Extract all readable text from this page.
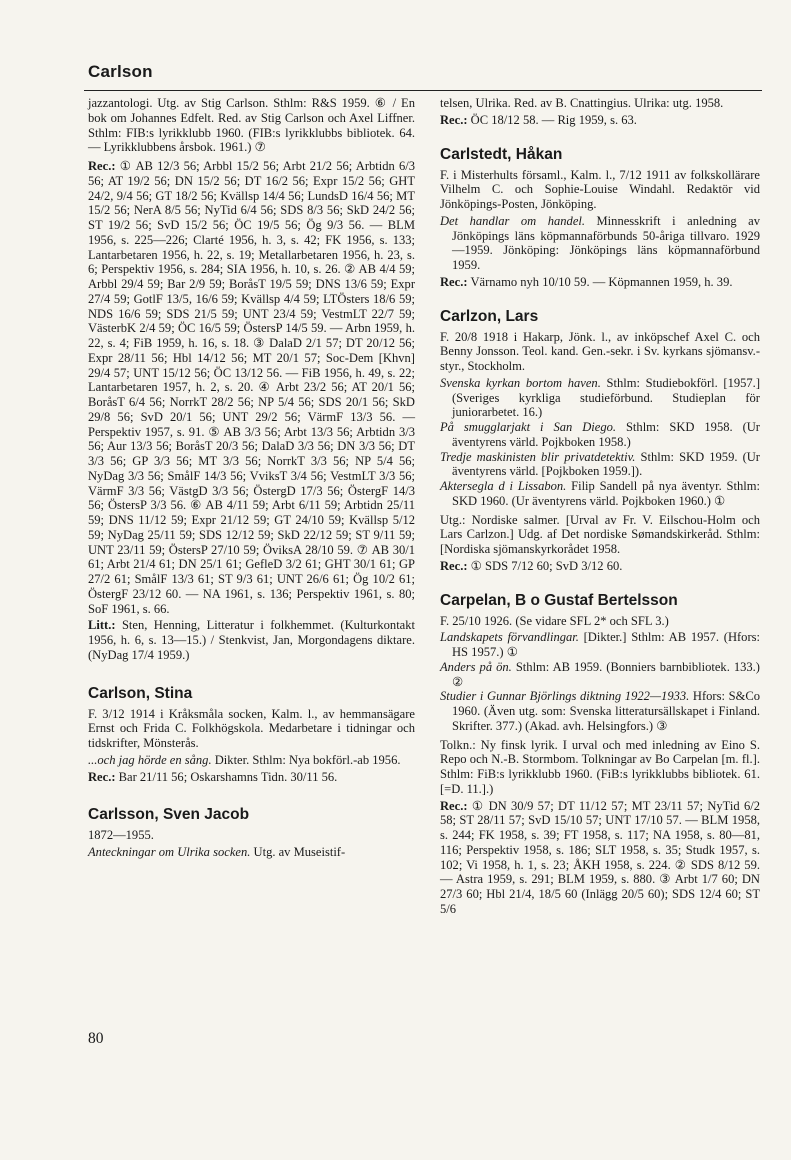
Carlson

jazzantologi. Utg. av Stig Carlson. Sthlm: R&S 1959. ⑥ / En bok om Johannes Edfelt. Red. av Stig Carlson och Axel Liffner. Sthlm: FIB:s lyrikklubb 1960. (FIB:s lyrikklubbs bibliotek. 64. — Lyrikklubbens årsbok. 1961.) ⑦

Rec.: ① AB 12/3 56; Arbbl 15/2 56; Arbt 21/2 56; Arbtidn 6/3 56; AT 19/2 56; DN 15/2 56; DT 16/2 56; Expr 15/2 56; GHT 24/2, 9/4 56; GT 18/2 56; Kvällsp 14/4 56; LundsD 16/4 56; MT 15/2 56; NerA 8/5 56; NyTid 6/4 56; SDS 8/3 56; SkD 24/2 56; ST 19/2 56; SvD 15/2 56; ÖC 19/5 56; Ög 9/3 56. — BLM 1956, s. 225—226; Clarté 1956, h. 3, s. 42; FK 1956, s. 133; Lantarbetaren 1956, h. 22, s. 19; Metallarbetaren 1956, h. 23, s. 6; Perspektiv 1956, s. 284; SIA 1956, h. 10, s. 26. ② AB 4/4 59; Arbbl 29/4 59; Bar 2/9 59; BoråsT 19/5 59; DNS 13/6 59; Expr 27/4 59; GotlF 13/5, 16/6 59; Kvällsp 4/4 59; LTÖsters 18/6 59; NDS 16/6 59; SDS 21/5 59; UNT 23/4 59; VestmLT 22/7 59; VästerbK 2/4 59; ÖC 16/5 59; ÖstersP 14/5 59. — Arbn 1959, h. 22, s. 4; FiB 1959, h. 16, s. 18. ③ DalaD 2/1 57; DT 20/12 56; Expr 28/11 56; Hbl 14/12 56; MT 20/1 57; Soc-Dem [Khvn] 29/4 57; UNT 15/12 56; ÖC 13/12 56. — FiB 1956, h. 49, s. 22; Lantarbetaren 1957, h. 2, s. 20. ④ Arbt 23/2 56; AT 20/1 56; BoråsT 6/4 56; NorrkT 28/2 56; NP 5/4 56; SDS 20/1 56; SkD 29/8 56; SvD 20/1 56; UNT 29/2 56; VärmF 13/3 56. — Perspektiv 1957, s. 91. ⑤ AB 3/3 56; Arbt 13/3 56; Arbtidn 3/3 56; Aur 13/3 56; BoråsT 20/3 56; DalaD 3/3 56; DN 3/3 56; DT 3/3 56; GP 3/3 56; MT 3/3 56; NorrkT 3/3 56; NP 5/4 56; NyDag 3/3 56; SmålF 14/3 56; VviksT 3/4 56; VestmLT 3/3 56; VärmF 3/3 56; VästgD 3/3 56; ÖstergD 17/3 56; ÖstergF 14/3 56; ÖstersP 3/3 56. ⑥ AB 4/11 59; Arbt 6/11 59; Arbtidn 25/11 59; DNS 11/12 59; Expr 21/12 59; GT 24/10 59; Kvällsp 5/12 59; NyDag 25/11 59; SDS 12/12 59; SkD 22/12 59; ST 9/11 59; UNT 23/11 59; ÖstersP 27/10 59; ÖviksA 28/10 59. ⑦ AB 30/1 61; Arbt 21/4 61; DN 25/1 61; GefleD 3/2 61; GHT 30/1 61; GP 27/2 61; SmålF 13/3 61; ST 9/3 61; UNT 26/6 61; Ög 10/2 61; ÖstergF 23/12 60. — NA 1961, s. 136; Perspektiv 1961, s. 80; SoF 1961, s. 66.

Litt.: Sten, Henning, Litteratur i folkhemmet. (Kulturkontakt 1956, h. 6, s. 13—15.) / Stenkvist, Jan, Morgondagens diktare. (NyDag 17/4 1959.)

Carlson, Stina

F. 3/12 1914 i Kråksmåla socken, Kalm. l., av hemmansägare Ernst och Frida C. Folkhögskola. Medarbetare i tidningar och tidskrifter, Mönsterås.

...och jag hörde en sång. Dikter. Sthlm: Nya bokförl.-ab 1956.

Rec.: Bar 21/11 56; Oskarshamns Tidn. 30/11 56.

Carlsson, Sven Jacob

1872—1955.

Anteckningar om Ulrika socken. Utg. av Museistif-

telsen, Ulrika. Red. av B. Cnattingius. Ulrika: utg. 1958.

Rec.: ÖC 18/12 58. — Rig 1959, s. 63.

Carlstedt, Håkan

F. i Misterhults församl., Kalm. l., 7/12 1911 av folkskollärare Vilhelm C. och Sophie-Louise Windahl. Redaktör vid Jönköpings-Posten, Jönköping.

Det handlar om handel. Minnesskrift i anledning av Jönköpings läns köpmannaförbunds 50-åriga tillvaro. 1929—1959. Jönköping: Jönköpings läns köpmannaförbund 1959.

Rec.: Värnamo nyh 10/10 59. — Köpmannen 1959, h. 39.

Carlzon, Lars

F. 20/8 1918 i Hakarp, Jönk. l., av inköpschef Axel C. och Benny Jonsson. Teol. kand. Gen.-sekr. i Sv. kyrkans sjömansv.-styr., Stockholm.

Svenska kyrkan bortom haven. Sthlm: Studiebokförl. [1957.] (Sveriges kyrkliga studieförbund. Studieplan för juniorarbetet. 16.)

På smugglarjakt i San Diego. Sthlm: SKD 1958. (Ur äventyrens värld. Pojkboken 1958.)

Tredje maskinisten blir privatdetektiv. Sthlm: SKD 1959. (Ur äventyrens värld. [Pojkboken 1959.]).

Aktersegla d i Lissabon. Filip Sandell på nya äventyr. Sthlm: SKD 1960. (Ur äventyrens värld. Pojkboken 1960.) ①

Utg.: Nordiske salmer. [Urval av Fr. V. Eilschou-Holm och Lars Carlzon.] Udg. af Det nordiske Sømandskirkeråd. Sthlm: [Nordiska sjömanskyrkorådet 1958.

Rec.: ① SDS 7/12 60; SvD 3/12 60.

Carpelan, B o Gustaf Bertelsson

F. 25/10 1926. (Se vidare SFL 2* och SFL 3.)

Landskapets förvandlingar. [Dikter.] Sthlm: AB 1957. (Hfors: HS 1957.) ①

Anders på ön. Sthlm: AB 1959. (Bonniers barnbibliotek. 133.) ②

Studier i Gunnar Björlings diktning 1922—1933. Hfors: S&Co 1960. (Även utg. som: Svenska litteratursällskapet i Finland. Skrifter. 377.) (Akad. avh. Helsingfors.) ③

Tolkn.: Ny finsk lyrik. I urval och med inledning av Eino S. Repo och N.-B. Stormbom. Tolkningar av Bo Carpelan [m. fl.]. Sthlm: FiB:s lyrikklubb 1960. (FiB:s lyrikklubbs bibliotek. 61. [=D. 11.].)

Rec.: ① DN 30/9 57; DT 11/12 57; MT 23/11 57; NyTid 6/2 58; ST 28/11 57; SvD 15/10 57; UNT 17/10 57. — BLM 1958, s. 244; FK 1958, s. 39; FT 1958, s. 117; NA 1958, s. 80—81, 116; Perspektiv 1958, s. 186; SLT 1958, s. 35; Studk 1957, s. 102; Vi 1958, h. 1, s. 23; ÅKH 1958, s. 224. ② SDS 8/12 59. — Astra 1959, s. 291; BLM 1959, s. 880. ③ Arbt 1/7 60; DN 27/3 60; Hbl 21/4, 18/5 60 (Inlägg 20/5 60); SDS 12/4 60; ST 5/6

80
